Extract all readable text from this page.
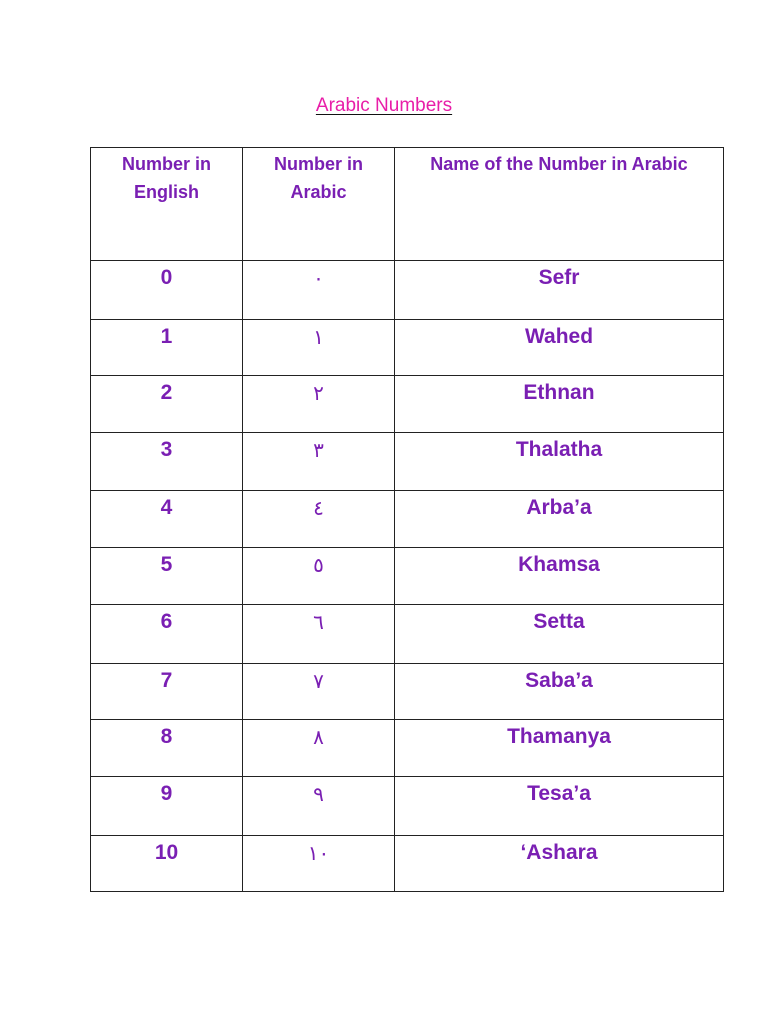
Arabic Numbers
Number in English	Number in Arabic	Name of the Number in Arabic
0	٠	Sefr
1	١	Wahed
2	٢	Ethnan
3	٣	Thalatha
4	٤	Arba’a
5	٥	Khamsa
6	٦	Setta
7	٧	Saba’a
8	٨	Thamanya
9	٩	Tesa’a
10	١٠	‘Ashara
